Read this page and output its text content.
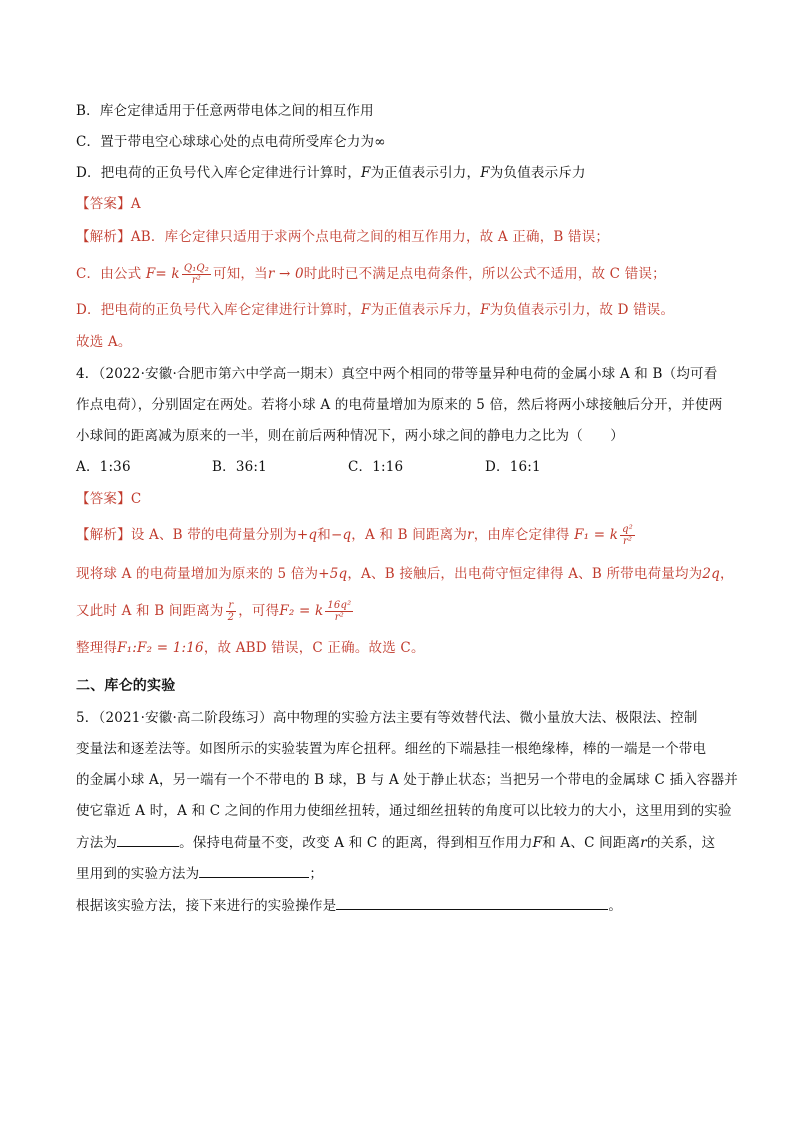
B．库仑定律适用于任意两带电体之间的相互作用
C．置于带电空心球球心处的点电荷所受库仑力为∞
D．把电荷的正负号代入库仑定律进行计算时，F为正值表示引力，F为负值表示斥力
【答案】A
【解析】AB．库仑定律只适用于求两个点电荷之间的相互作用力，故 A 正确，B 错误；
C．由公式 F= k $\frac{\text{Q₁Q₂}}{\text{r²}}$ 可知，当r → 0时此时已不满足点电荷条件，所以公式不适用，故 C 错误；
D．把电荷的正负号代入库仑定律进行计算时，F为正值表示斥力，F为负值表示引力，故 D 错误。
故选 A。
4．（2022·安徽·合肥市第六中学高一期末）真空中两个相同的带等量异种电荷的金属小球 A 和 B（均可看
作点电荷），分别固定在两处。若将小球 A 的电荷量增加为原来的 5 倍，然后将两小球接触后分开，并使两
小球间的距离减为原来的一半，则在前后两种情况下，两小球之间的静电力之比为（　　）
A．1:36	B．36:1	C．1:16	D．16:1
【答案】C
【解析】设 A、B 带的电荷量分别为+q和−q，A 和 B 间距离为r，由库仑定律得 F₁ = k $\frac{\text{q²}}{\text{r²}}$
现将球 A 的电荷量增加为原来的 5 倍为+5q，A、B 接触后，出电荷守恒定律得 A、B 所带电荷量均为2q，
又此时 A 和 B 间距离为 $\frac{r}{2}$ ，可得F₂ = k $\frac{\text{16q²}}{\text{r²}}$
整理得F₁:F₂ = 1:16，故 ABD 错误，C 正确。故选 C。
二、库仑的实验
5．（2021·安徽·高二阶段练习）高中物理的实验方法主要有等效替代法、微小量放大法、极限法、控制
变量法和逐差法等。如图所示的实验装置为库仑扭秤。细丝的下端悬挂一根绝缘棒，棒的一端是一个带电
的金属小球 A，另一端有一个不带电的 B 球，B 与 A 处于静止状态；当把另一个带电的金属球 C 插入容器并
使它靠近 A 时，A 和 C 之间的作用力使细丝扭转，通过细丝扭转的角度可以比较力的大小，这里用到的实验
方法为	。保持电荷量不变，改变 A 和 C 的距离，得到相互作用力F和 A、C 间距离r的关系，这
里用到的实验方法为	；
根据该实验方法，接下来进行的实验操作是	。
